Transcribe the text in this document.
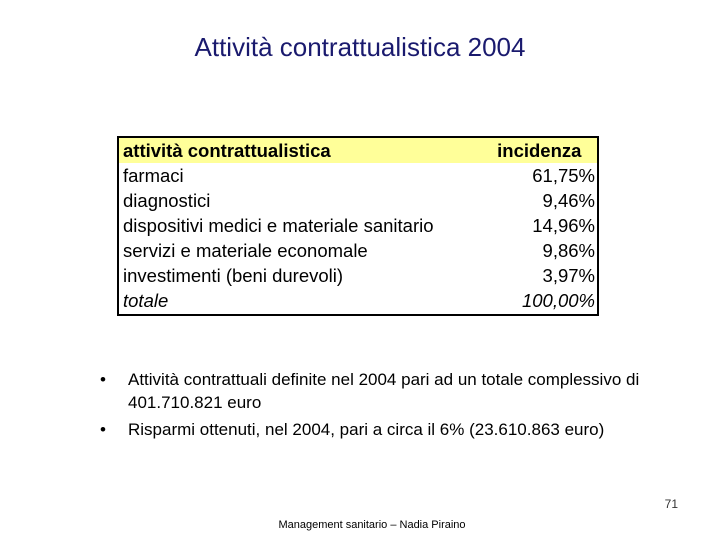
Attività contrattualistica 2004
attività contrattualistica	incidenza
farmaci	61,75%
diagnostici	9,46%
dispositivi medici e materiale sanitario	14,96%
servizi e materiale economale	9,86%
investimenti (beni durevoli)	3,97%
totale	100,00%
• Attività contrattuali definite nel 2004 pari ad un totale complessivo di 401.710.821 euro
• Risparmi ottenuti, nel 2004, pari a circa il 6% (23.610.863 euro)
71
Management sanitario – Nadia Piraino
